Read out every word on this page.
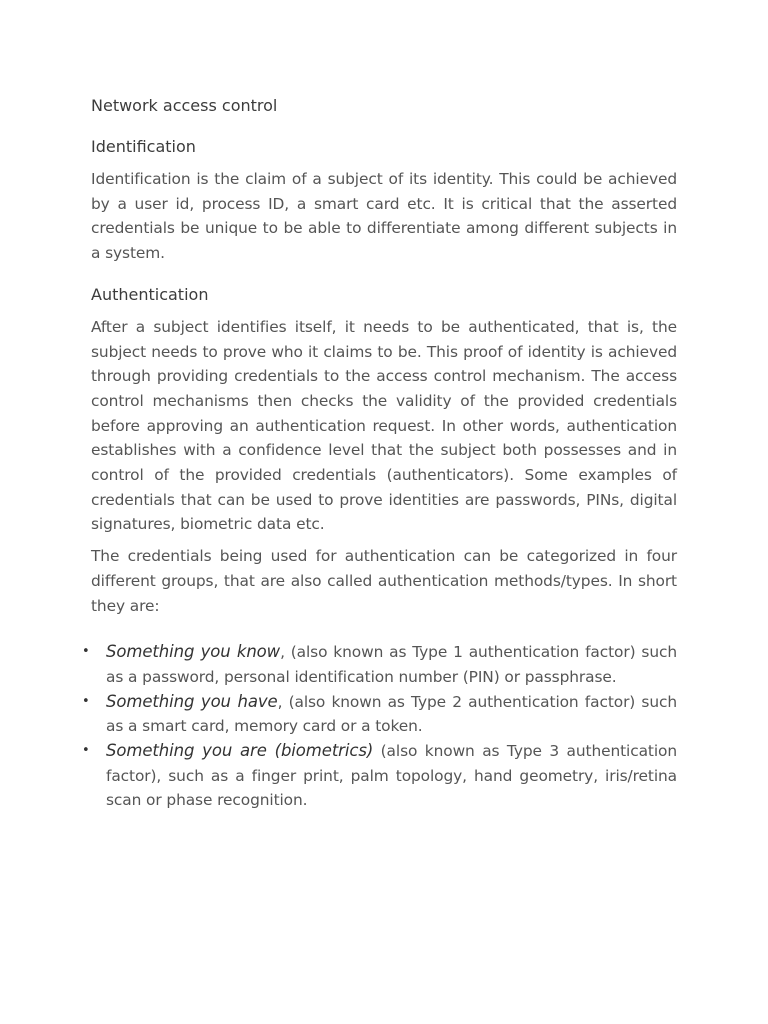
Network access control
Identification

Identification is the claim of a subject of its identity. This could be achieved by a user id, process ID, a smart card etc. It is critical that the asserted credentials be unique to be able to differentiate among different subjects in a system.

Authentication

After a subject identifies itself, it needs to be authenticated, that is, the subject needs to prove who it claims to be. This proof of identity is achieved through providing credentials to the access control mechanism. The access control mechanisms then checks the validity of the provided credentials before approving an authentication request. In other words, authentication establishes with a confidence level that the subject both possesses and in control of the provided credentials (authenticators). Some examples of credentials that can be used to prove identities are passwords, PINs, digital signatures, biometric data etc.

The credentials being used for authentication can be categorized in four different groups, that are also called authentication methods/types. In short they are:

• Something you know, (also known as Type 1 authentication factor) such as a password, personal identification number (PIN) or passphrase.
• Something you have, (also known as Type 2 authentication factor) such as a smart card, memory card or a token.
• Something you are (biometrics) (also known as Type 3 authentication factor), such as a finger print, palm topology, hand geometry, iris/retina scan or phase recognition.
